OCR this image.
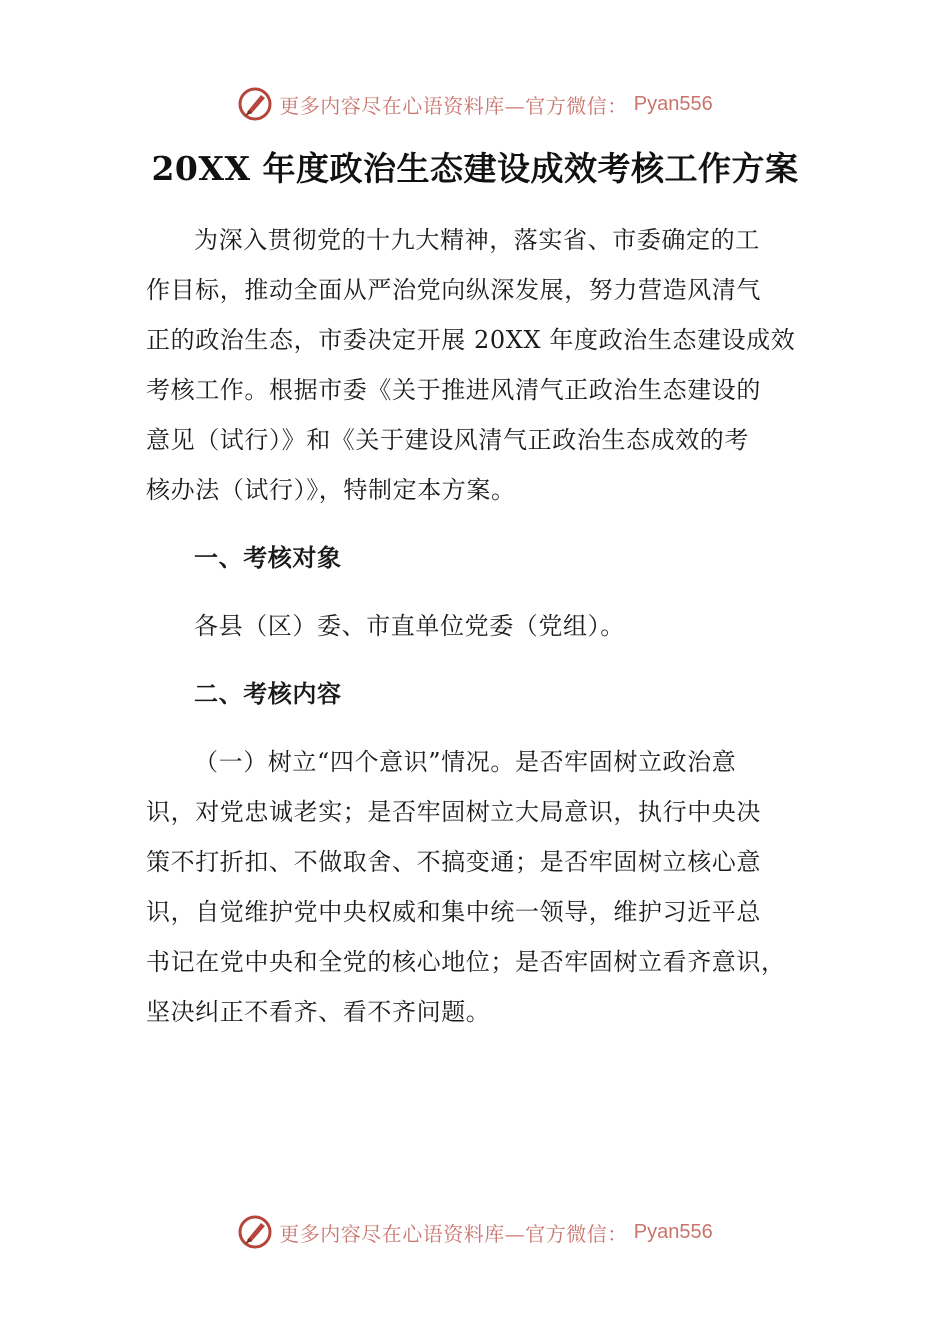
更多内容尽在心语资料库—官方微信： Pyan556
20XX 年度政治生态建设成效考核工作方案
为深入贯彻党的十九大精神，落实省、市委确定的工
作目标，推动全面从严治党向纵深发展，努力营造风清气
正的政治生态，市委决定开展 20XX 年度政治生态建设成效
考核工作。根据市委《关于推进风清气正政治生态建设的
意见（试行）》和《关于建设风清气正政治生态成效的考
核办法（试行）》，特制定本方案。

一、考核对象

各县（区）委、市直单位党委（党组）。

二、考核内容

（一）树立“四个意识”情况。是否牢固树立政治意
识，对党忠诚老实；是否牢固树立大局意识，执行中央决
策不打折扣、不做取舍、不搞变通；是否牢固树立核心意
识，自觉维护党中央权威和集中统一领导，维护习近平总
书记在党中央和全党的核心地位；是否牢固树立看齐意识，
坚决纠正不看齐、看不齐问题。
更多内容尽在心语资料库—官方微信： Pyan556
